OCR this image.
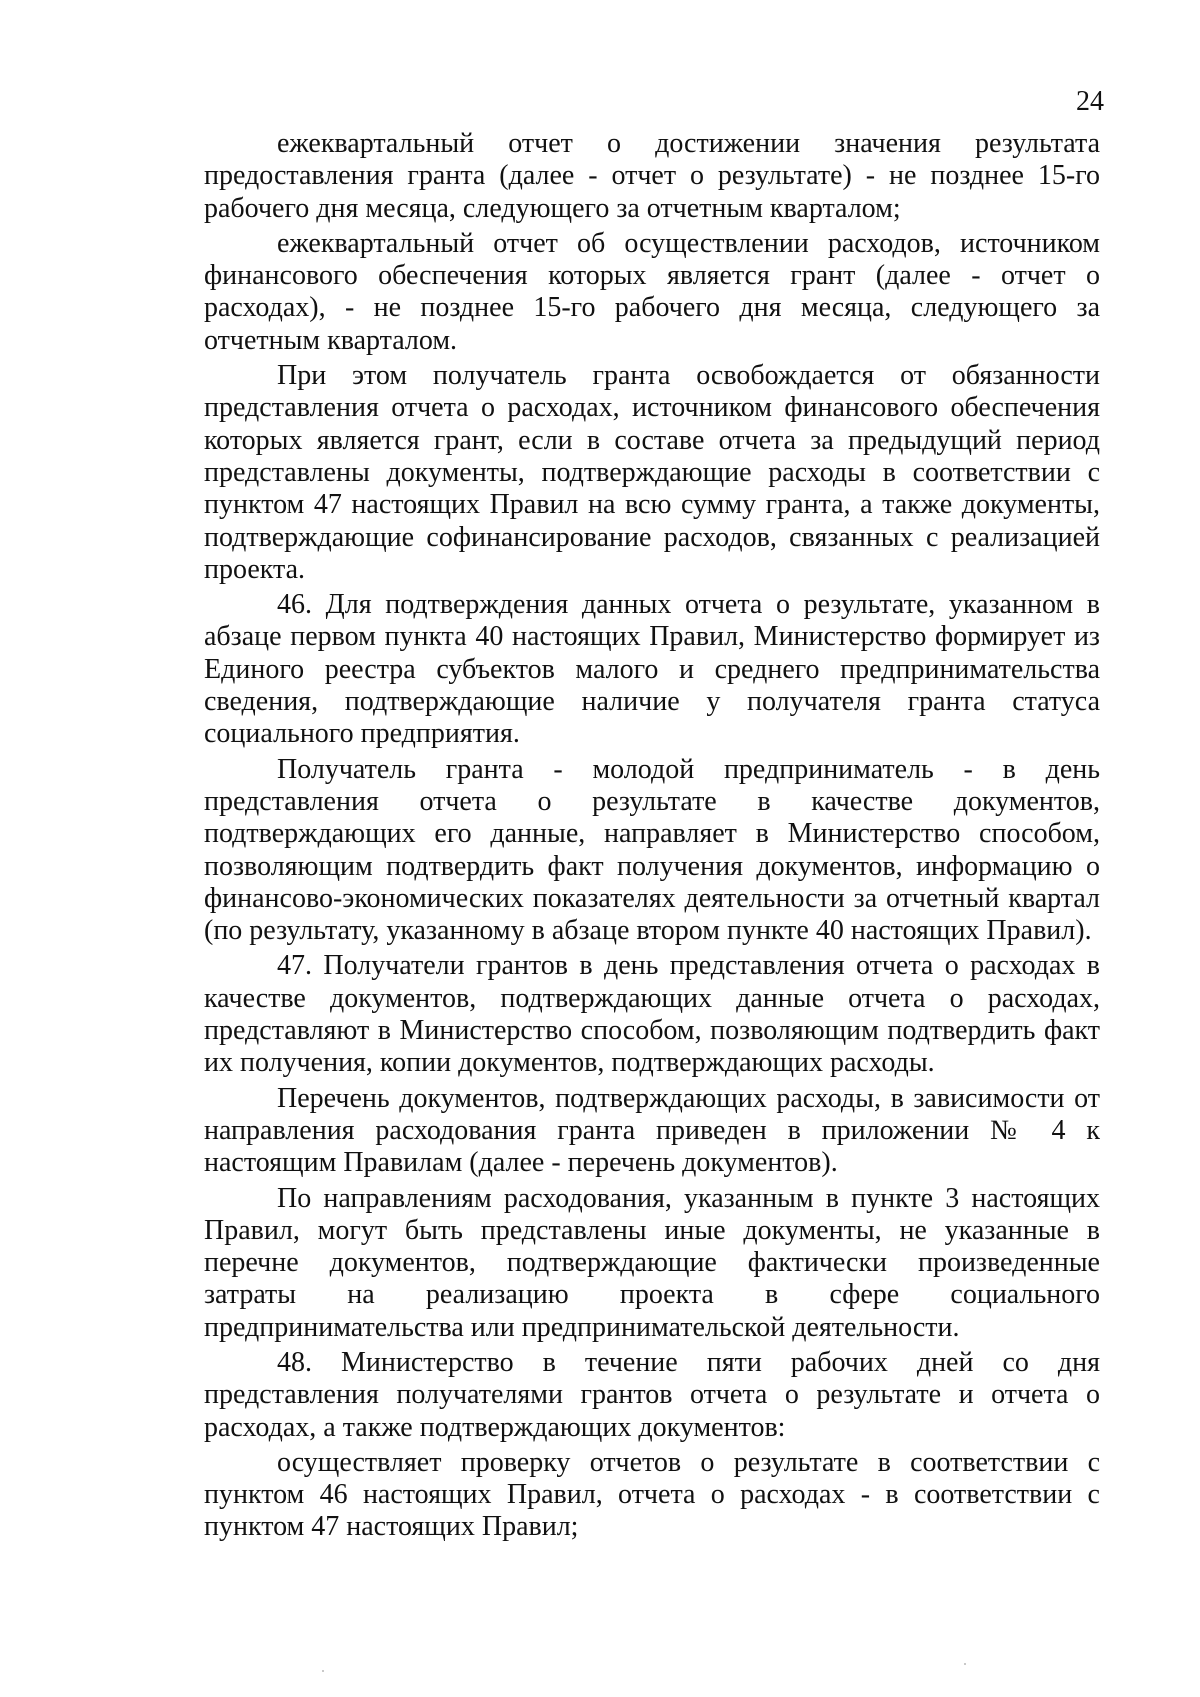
24

ежеквартальный отчет о достижении значения результата предоставления гранта (далее - отчет о результате) - не позднее 15-го рабочего дня месяца, следующего за отчетным кварталом;

ежеквартальный отчет об осуществлении расходов, источником финансового обеспечения которых является грант (далее - отчет о расходах), - не позднее 15-го рабочего дня месяца, следующего за отчетным кварталом.

При этом получатель гранта освобождается от обязанности представления отчета о расходах, источником финансового обеспечения которых является грант, если в составе отчета за предыдущий период представлены документы, подтверждающие расходы в соответствии с пунктом 47 настоящих Правил на всю сумму гранта, а также документы, подтверждающие софинансирование расходов, связанных с реализацией проекта.

46. Для подтверждения данных отчета о результате, указанном в абзаце первом пункта 40 настоящих Правил, Министерство формирует из Единого реестра субъектов малого и среднего предпринимательства сведения, подтверждающие наличие у получателя гранта статуса социального предприятия.

Получатель гранта - молодой предприниматель - в день представления отчета о результате в качестве документов, подтверждающих его данные, направляет в Министерство способом, позволяющим подтвердить факт получения документов, информацию о финансово-экономических показателях деятельности за отчетный квартал (по результату, указанному в абзаце втором пункте 40 настоящих Правил).

47. Получатели грантов в день представления отчета о расходах в качестве документов, подтверждающих данные отчета о расходах, представляют в Министерство способом, позволяющим подтвердить факт их получения, копии документов, подтверждающих расходы.

Перечень документов, подтверждающих расходы, в зависимости от направления расходования гранта приведен в приложении № 4 к настоящим Правилам (далее - перечень документов).

По направлениям расходования, указанным в пункте 3 настоящих Правил, могут быть представлены иные документы, не указанные в перечне документов, подтверждающие фактически произведенные затраты на реализацию проекта в сфере социального предпринимательства или предпринимательской деятельности.

48. Министерство в течение пяти рабочих дней со дня представления получателями грантов отчета о результате и отчета о расходах, а также подтверждающих документов:

осуществляет проверку отчетов о результате в соответствии с пунктом 46 настоящих Правил, отчета о расходах - в соответствии с пунктом 47 настоящих Правил;
